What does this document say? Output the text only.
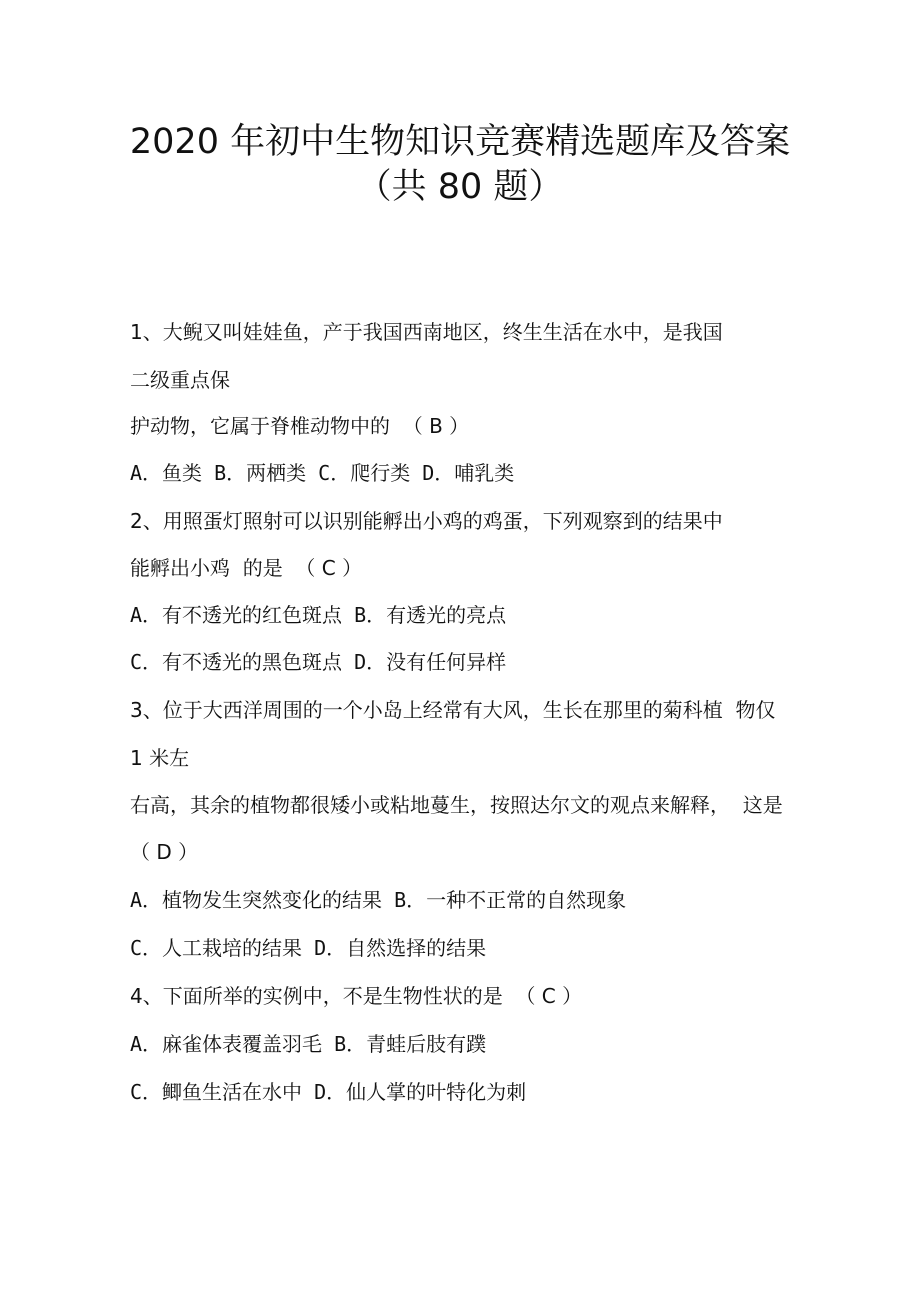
2020 年初中生物知识竞赛精选题库及答案
（共 80 题）

1、大鲵又叫娃娃鱼，产于我国西南地区，终生生活在水中，是我国

二级重点保

护动物，它属于脊椎动物中的  （ B ）

A．鱼类 B．两栖类 C．爬行类 D．哺乳类

2、用照蛋灯照射可以识别能孵出小鸡的鸡蛋，下列观察到的结果中

能孵出小鸡  的是  （ C ）

A．有不透光的红色斑点 B．有透光的亮点

C．有不透光的黑色斑点 D．没有任何异样

3、位于大西洋周围的一个小岛上经常有大风，生长在那里的菊科植  物仅

1 米左

右高，其余的植物都很矮小或粘地蔓生，按照达尔文的观点来解释，  这是

（ D ）

A．植物发生突然变化的结果 B．一种不正常的自然现象

C．人工栽培的结果 D．自然选择的结果

4、下面所举的实例中，不是生物性状的是  （ C ）

A．麻雀体表覆盖羽毛 B．青蛙后肢有蹼

C．鲫鱼生活在水中 D．仙人掌的叶特化为刺
